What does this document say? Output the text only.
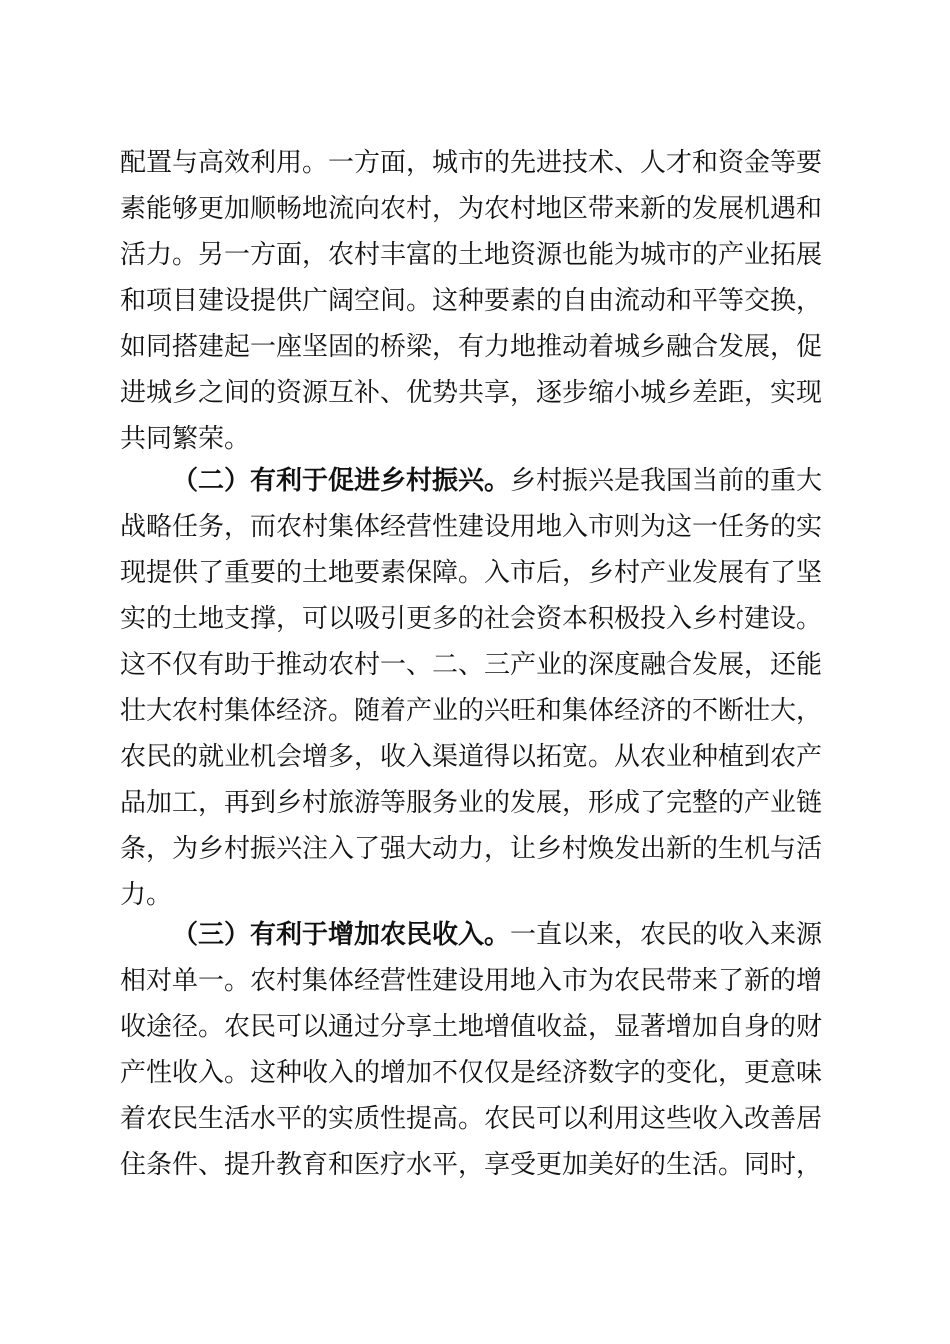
配置与高效利用。一方面，城市的先进技术、人才和资金等要
素能够更加顺畅地流向农村，为农村地区带来新的发展机遇和
活力。另一方面，农村丰富的土地资源也能为城市的产业拓展
和项目建设提供广阔空间。这种要素的自由流动和平等交换，
如同搭建起一座坚固的桥梁，有力地推动着城乡融合发展，促
进城乡之间的资源互补、优势共享，逐步缩小城乡差距，实现
共同繁荣。
（二）有利于促进乡村振兴。乡村振兴是我国当前的重大
战略任务，而农村集体经营性建设用地入市则为这一任务的实
现提供了重要的土地要素保障。入市后，乡村产业发展有了坚
实的土地支撑，可以吸引更多的社会资本积极投入乡村建设。
这不仅有助于推动农村一、二、三产业的深度融合发展，还能
壮大农村集体经济。随着产业的兴旺和集体经济的不断壮大，
农民的就业机会增多，收入渠道得以拓宽。从农业种植到农产
品加工，再到乡村旅游等服务业的发展，形成了完整的产业链
条，为乡村振兴注入了强大动力，让乡村焕发出新的生机与活
力。
（三）有利于增加农民收入。一直以来，农民的收入来源
相对单一。农村集体经营性建设用地入市为农民带来了新的增
收途径。农民可以通过分享土地增值收益，显著增加自身的财
产性收入。这种收入的增加不仅仅是经济数字的变化，更意味
着农民生活水平的实质性提高。农民可以利用这些收入改善居
住条件、提升教育和医疗水平，享受更加美好的生活。同时，
